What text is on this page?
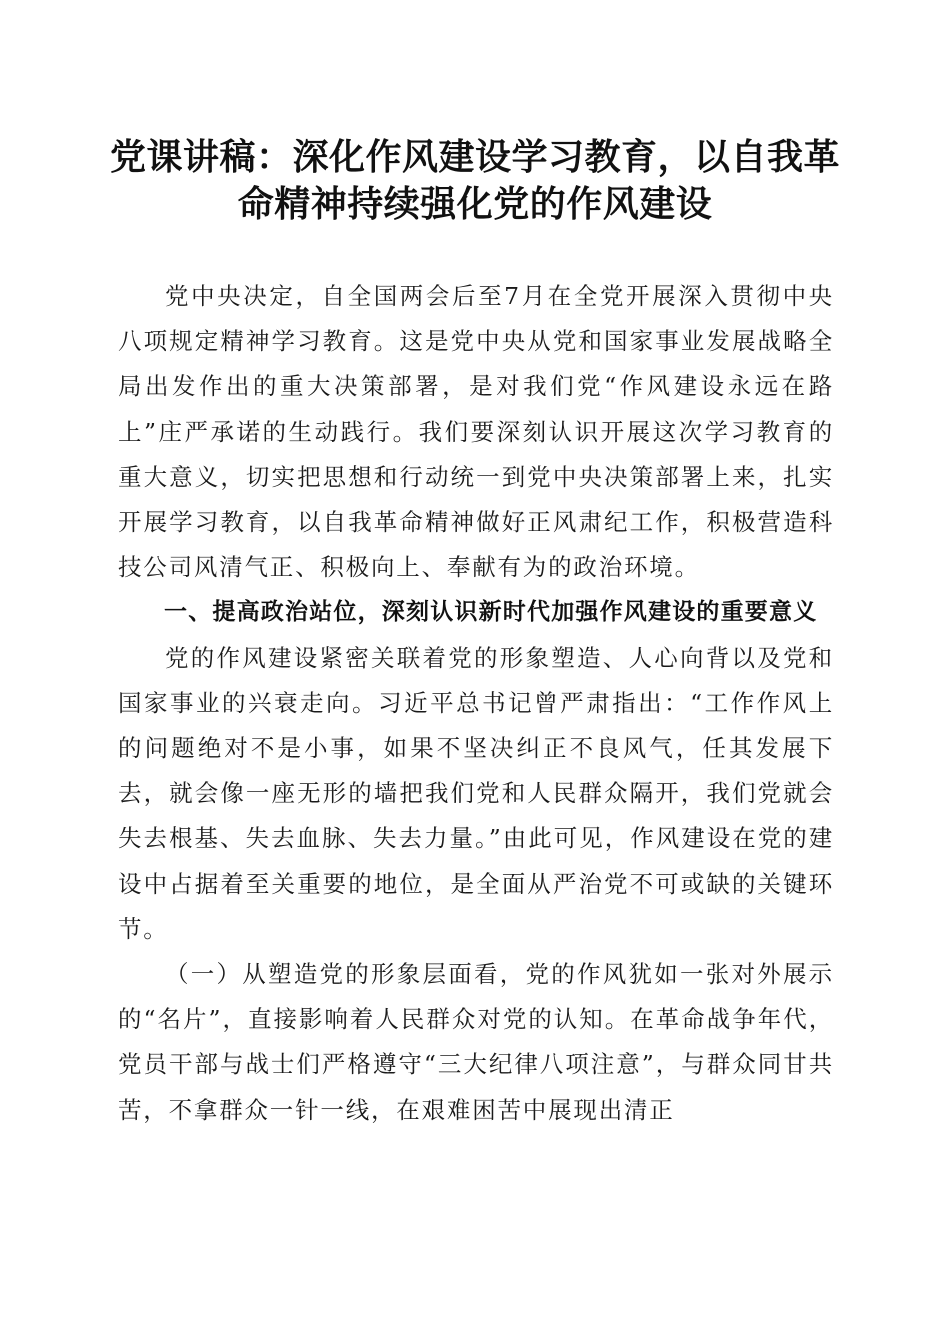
党课讲稿：深化作风建设学习教育，以自我革命精神持续强化党的作风建设

党中央决定，自全国两会后至7月在全党开展深入贯彻中央八项规定精神学习教育。这是党中央从党和国家事业发展战略全局出发作出的重大决策部署，是对我们党“作风建设永远在路上”庄严承诺的生动践行。我们要深刻认识开展这次学习教育的重大意义，切实把思想和行动统一到党中央决策部署上来，扎实开展学习教育，以自我革命精神做好正风肃纪工作，积极营造科技公司风清气正、积极向上、奉献有为的政治环境。

一、提高政治站位，深刻认识新时代加强作风建设的重要意义

党的作风建设紧密关联着党的形象塑造、人心向背以及党和国家事业的兴衰走向。习近平总书记曾严肃指出：“工作作风上的问题绝对不是小事，如果不坚决纠正不良风气，任其发展下去，就会像一座无形的墙把我们党和人民群众隔开，我们党就会失去根基、失去血脉、失去力量。”由此可见，作风建设在党的建设中占据着至关重要的地位，是全面从严治党不可或缺的关键环节。

（一）从塑造党的形象层面看，党的作风犹如一张对外展示的“名片”，直接影响着人民群众对党的认知。在革命战争年代，党员干部与战士们严格遵守“三大纪律八项注意”，与群众同甘共苦，不拿群众一针一线，在艰难困苦中展现出清正
